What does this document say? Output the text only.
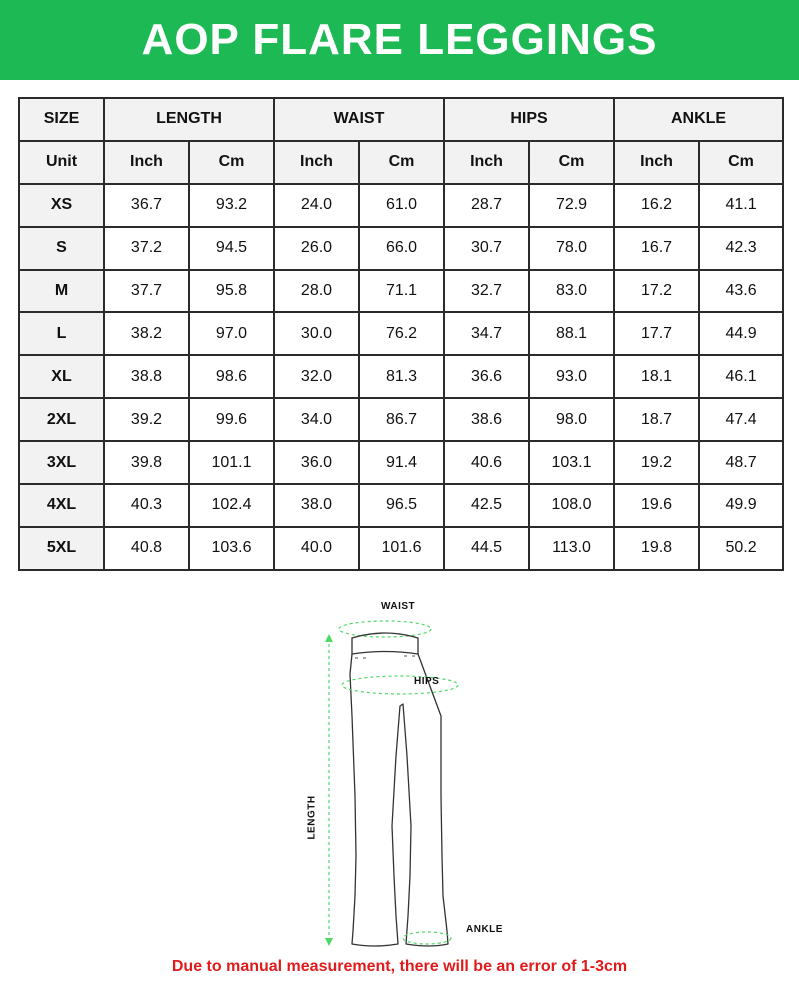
AOP FLARE LEGGINGS
SIZE	LENGTH		WAIST		HIPS		ANKLE	
Unit	Inch	Cm	Inch	Cm	Inch	Cm	Inch	Cm
XS	36.7	93.2	24.0	61.0	28.7	72.9	16.2	41.1
S	37.2	94.5	26.0	66.0	30.7	78.0	16.7	42.3
M	37.7	95.8	28.0	71.1	32.7	83.0	17.2	43.6
L	38.2	97.0	30.0	76.2	34.7	88.1	17.7	44.9
XL	38.8	98.6	32.0	81.3	36.6	93.0	18.1	46.1
2XL	39.2	99.6	34.0	86.7	38.6	98.0	18.7	47.4
3XL	39.8	101.1	36.0	91.4	40.6	103.1	19.2	48.7
4XL	40.3	102.4	38.0	96.5	42.5	108.0	19.6	49.9
5XL	40.8	103.6	40.0	101.6	44.5	113.0	19.8	50.2
WAIST
HIPS
LENGTH
ANKLE
Due to manual measurement, there will be an error of 1-3cm
